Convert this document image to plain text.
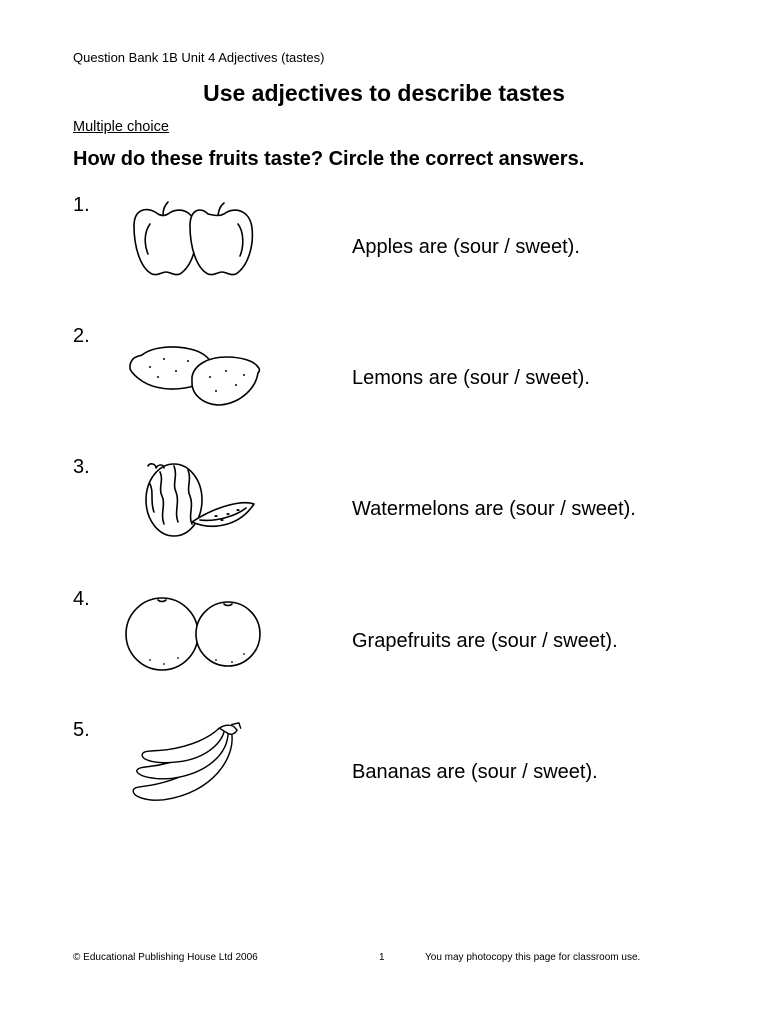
Question Bank 1B Unit 4 Adjectives (tastes)
Use adjectives to describe tastes
Multiple choice
How do these fruits taste? Circle the correct answers.
1.
Apples are (sour / sweet).
2.
Lemons are (sour / sweet).
3.
Watermelons are (sour / sweet).
4.
Grapefruits are (sour / sweet).
5.
Bananas are (sour / sweet).
© Educational Publishing House Ltd 2006	1	You may photocopy this page for classroom use.
